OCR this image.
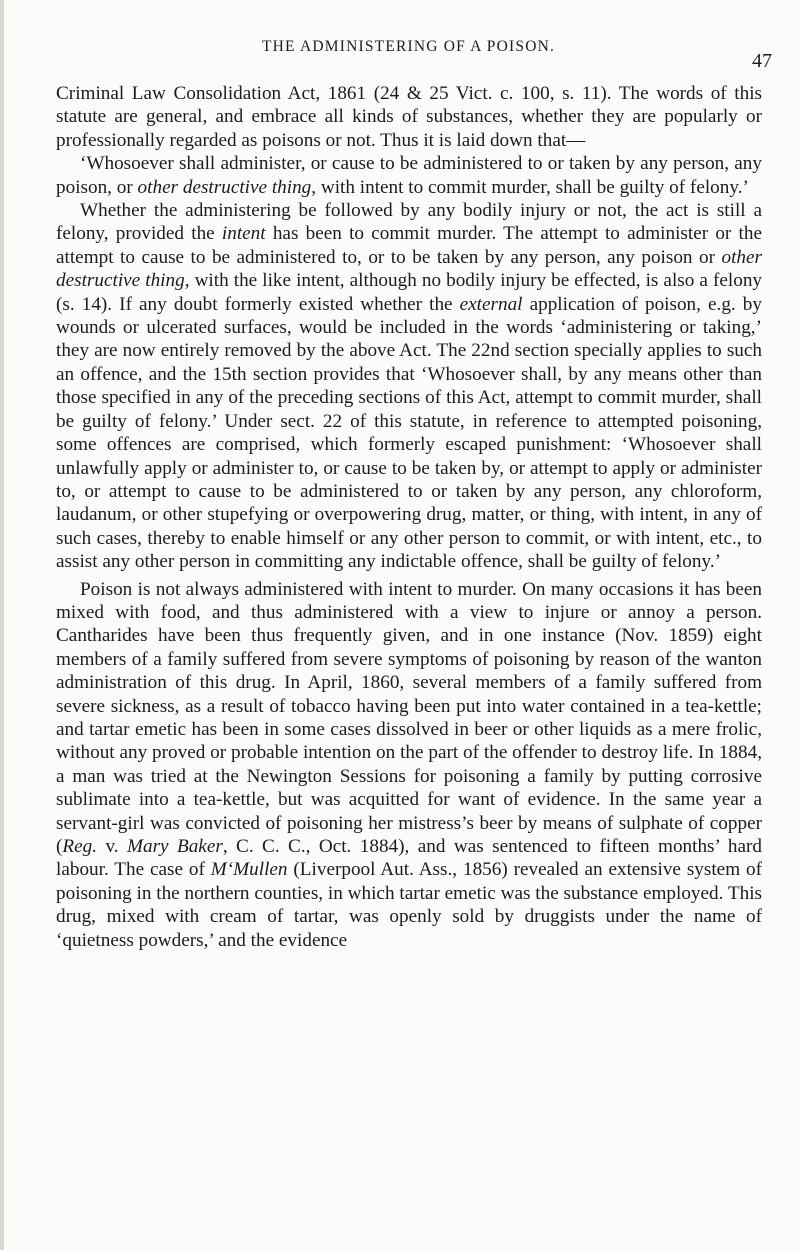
THE ADMINISTERING OF A POISON.
47

Criminal Law Consolidation Act, 1861 (24 & 25 Vict. c. 100, s. 11). The words of this statute are general, and embrace all kinds of substances, whether they are popularly or professionally regarded as poisons or not. Thus it is laid down that—

‘Whosoever shall administer, or cause to be administered to or taken by any person, any poison, or other destructive thing, with intent to commit murder, shall be guilty of felony.’

Whether the administering be followed by any bodily injury or not, the act is still a felony, provided the intent has been to commit murder. The attempt to administer or the attempt to cause to be administered to, or to be taken by any person, any poison or other destructive thing, with the like intent, although no bodily injury be effected, is also a felony (s. 14). If any doubt formerly existed whether the external application of poison, e.g. by wounds or ulcerated surfaces, would be included in the words ‘administering or taking,’ they are now entirely removed by the above Act. The 22nd section specially applies to such an offence, and the 15th section provides that ‘Whosoever shall, by any means other than those specified in any of the preceding sections of this Act, attempt to commit murder, shall be guilty of felony.’ Under sect. 22 of this statute, in reference to attempted poisoning, some offences are comprised, which formerly escaped punishment: ‘Whosoever shall unlawfully apply or administer to, or cause to be taken by, or attempt to apply or administer to, or attempt to cause to be administered to or taken by any person, any chloroform, laudanum, or other stupefying or overpowering drug, matter, or thing, with intent, in any of such cases, thereby to enable himself or any other person to commit, or with intent, etc., to assist any other person in committing any indictable offence, shall be guilty of felony.’

Poison is not always administered with intent to murder. On many occasions it has been mixed with food, and thus administered with a view to injure or annoy a person. Cantharides have been thus frequently given, and in one instance (Nov. 1859) eight members of a family suffered from severe symptoms of poisoning by reason of the wanton administration of this drug. In April, 1860, several members of a family suffered from severe sickness, as a result of tobacco having been put into water contained in a tea-kettle; and tartar emetic has been in some cases dissolved in beer or other liquids as a mere frolic, without any proved or probable intention on the part of the offender to destroy life. In 1884, a man was tried at the Newington Sessions for poisoning a family by putting corrosive sublimate into a tea-kettle, but was acquitted for want of evidence. In the same year a servant-girl was convicted of poisoning her mistress’s beer by means of sulphate of copper (Reg. v. Mary Baker, C. C. C., Oct. 1884), and was sentenced to fifteen months’ hard labour. The case of M‘Mullen (Liverpool Aut. Ass., 1856) revealed an extensive system of poisoning in the northern counties, in which tartar emetic was the substance employed. This drug, mixed with cream of tartar, was openly sold by druggists under the name of ‘quietness powders,’ and the evidence
